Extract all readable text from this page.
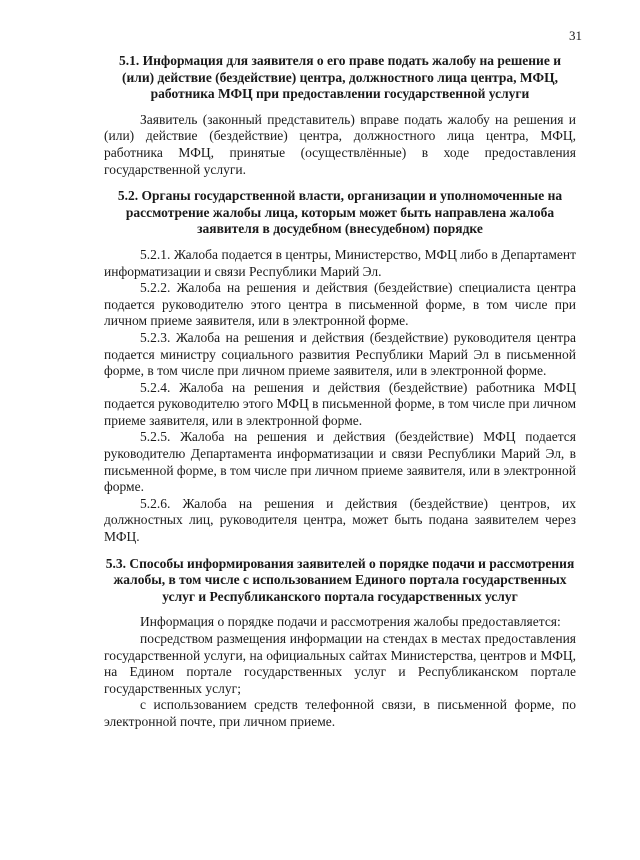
31
5.1. Информация для заявителя о его праве подать жалобу на решение и (или) действие (бездействие) центра, должностного лица центра, МФЦ, работника МФЦ при предоставлении государственной услуги

Заявитель (законный представитель) вправе подать жалобу на решения и (или) действие (бездействие) центра, должностного лица центра, МФЦ, работника МФЦ, принятые (осуществлённые) в ходе предоставления государственной услуги.

5.2. Органы государственной власти, организации и уполномоченные на рассмотрение жалобы лица, которым может быть направлена жалоба заявителя в досудебном (внесудебном) порядке

5.2.1. Жалоба подается в центры, Министерство, МФЦ либо в Департамент информатизации и связи Республики Марий Эл.

5.2.2. Жалоба на решения и действия (бездействие) специалиста центра подается руководителю этого центра в письменной форме, в том числе при личном приеме заявителя, или в электронной форме.

5.2.3. Жалоба на решения и действия (бездействие) руководителя центра подается министру социального развития Республики Марий Эл в письменной форме, в том числе при личном приеме заявителя, или в электронной форме.

5.2.4. Жалоба на решения и действия (бездействие) работника МФЦ подается руководителю этого МФЦ в письменной форме, в том числе при личном приеме заявителя, или в электронной форме.

5.2.5. Жалоба на решения и действия (бездействие) МФЦ подается руководителю Департамента информатизации и связи Республики Марий Эл, в письменной форме, в том числе при личном приеме заявителя, или в электронной форме.

5.2.6. Жалоба на решения и действия (бездействие) центров, их должностных лиц, руководителя центра, может быть подана заявителем через МФЦ.

5.3. Способы информирования заявителей о порядке подачи и рассмотрения жалобы, в том числе с использованием Единого портала государственных услуг и Республиканского портала государственных услуг

Информация о порядке подачи и рассмотрения жалобы предоставляется:

посредством размещения информации на стендах в местах предоставления государственной услуги, на официальных сайтах Министерства, центров и МФЦ, на Едином портале государственных услуг и Республиканском портале государственных услуг;

с использованием средств телефонной связи, в письменной форме, по электронной почте, при личном приеме.
